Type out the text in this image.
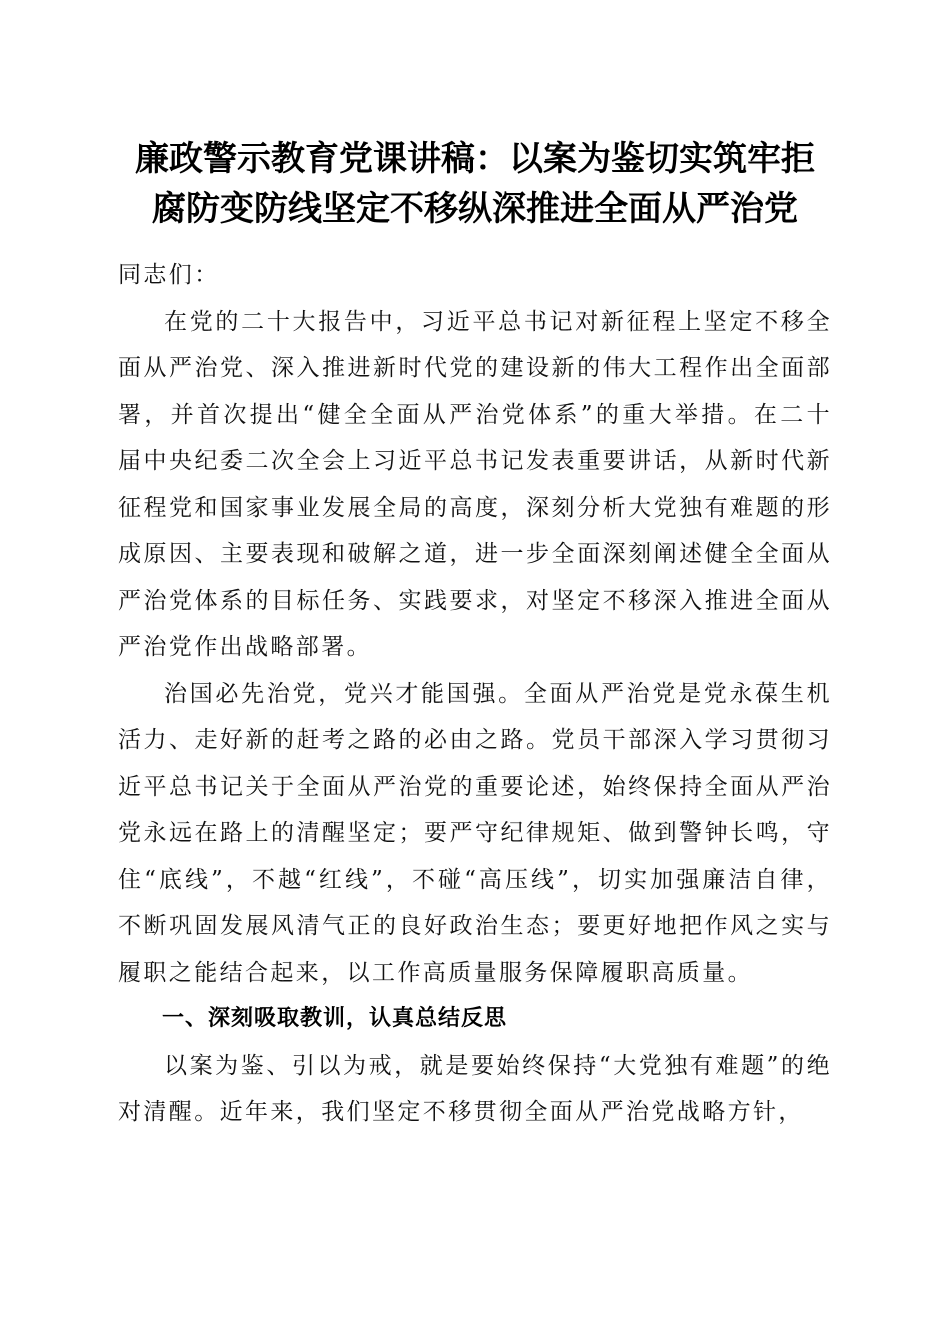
廉政警示教育党课讲稿：以案为鉴切实筑牢拒
腐防变防线坚定不移纵深推进全面从严治党

同志们：

在党的二十大报告中，习近平总书记对新征程上坚定不移全面从严治党、深入推进新时代党的建设新的伟大工程作出全面部署，并首次提出“健全全面从严治党体系”的重大举措。在二十届中央纪委二次全会上习近平总书记发表重要讲话，从新时代新征程党和国家事业发展全局的高度，深刻分析大党独有难题的形成原因、主要表现和破解之道，进一步全面深刻阐述健全全面从严治党体系的目标任务、实践要求，对坚定不移深入推进全面从严治党作出战略部署。

治国必先治党，党兴才能国强。全面从严治党是党永葆生机活力、走好新的赶考之路的必由之路。党员干部深入学习贯彻习近平总书记关于全面从严治党的重要论述，始终保持全面从严治党永远在路上的清醒坚定；要严守纪律规矩、做到警钟长鸣，守住“底线”，不越“红线”，不碰“高压线”，切实加强廉洁自律，不断巩固发展风清气正的良好政治生态；要更好地把作风之实与履职之能结合起来，以工作高质量服务保障履职高质量。

一、深刻吸取教训，认真总结反思

以案为鉴、引以为戒，就是要始终保持“大党独有难题”的绝对清醒。近年来，我们坚定不移贯彻全面从严治党战略方针，
